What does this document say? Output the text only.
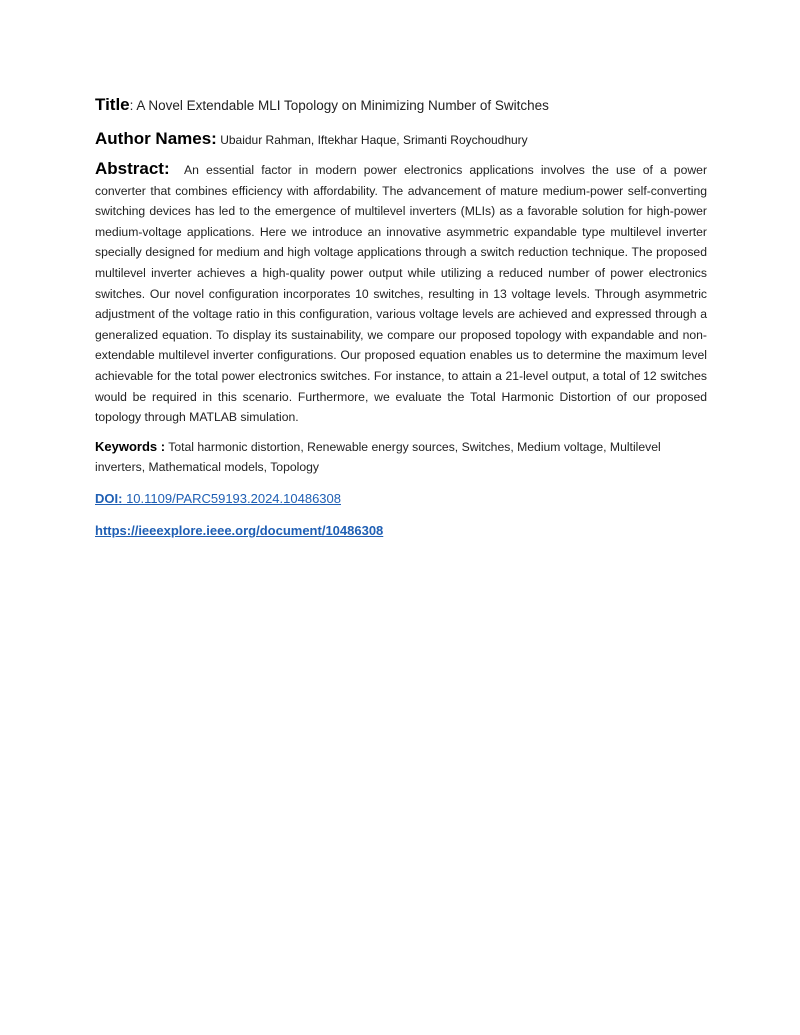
Title: A Novel Extendable MLI Topology on Minimizing Number of Switches
Author Names: Ubaidur Rahman, Iftekhar Haque, Srimanti Roychoudhury

Abstract: An essential factor in modern power electronics applications involves the use of a power converter that combines efficiency with affordability. The advancement of mature medium-power self-converting switching devices has led to the emergence of multilevel inverters (MLIs) as a favorable solution for high-power medium-voltage applications. Here we introduce an innovative asymmetric expandable type multilevel inverter specially designed for medium and high voltage applications through a switch reduction technique. The proposed multilevel inverter achieves a high-quality power output while utilizing a reduced number of power electronics switches. Our novel configuration incorporates 10 switches, resulting in 13 voltage levels. Through asymmetric adjustment of the voltage ratio in this configuration, various voltage levels are achieved and expressed through a generalized equation. To display its sustainability, we compare our proposed topology with expandable and non-extendable multilevel inverter configurations. Our proposed equation enables us to determine the maximum level achievable for the total power electronics switches. For instance, to attain a 21-level output, a total of 12 switches would be required in this scenario. Furthermore, we evaluate the Total Harmonic Distortion of our proposed topology through MATLAB simulation.

Keywords : Total harmonic distortion, Renewable energy sources, Switches, Medium voltage, Multilevel inverters, Mathematical models, Topology

DOI: 10.1109/PARC59193.2024.10486308
https://ieeexplore.ieee.org/document/10486308
